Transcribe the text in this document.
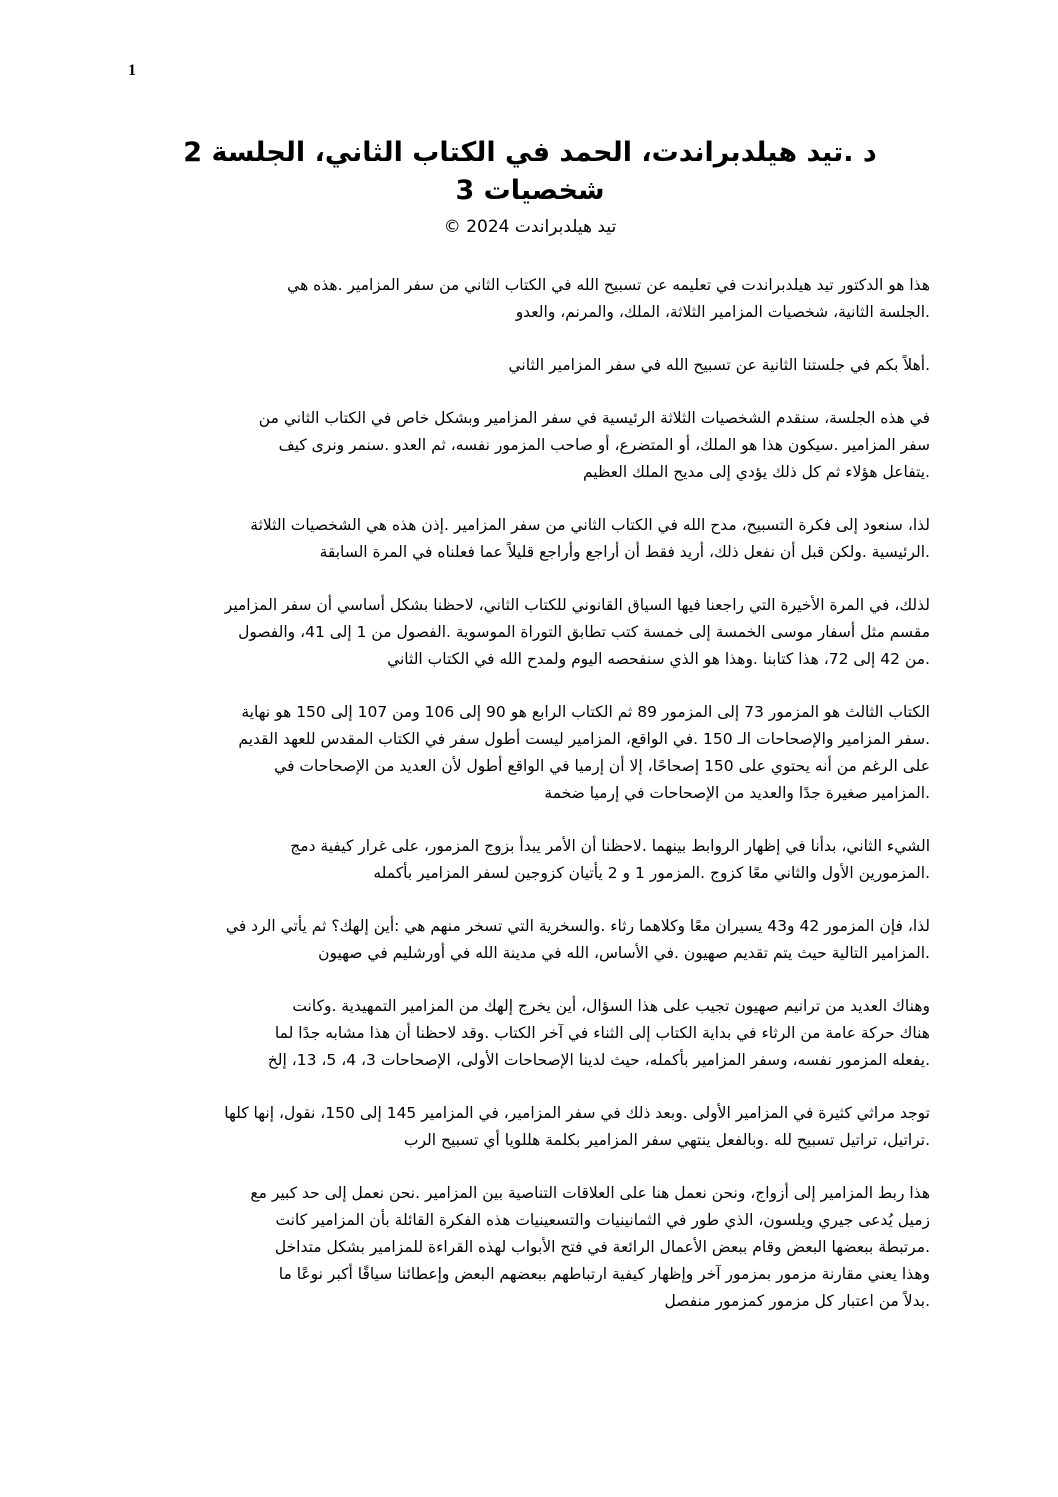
1
د .تيد هيلدبراندت، الحمد في الكتاب الثاني، الجلسة 2
شخصيات 3
تيد هيلدبراندت 2024 ©
هذا هو الدكتور تيد هيلدبراندت في تعليمه عن تسبيح الله في الكتاب الثاني من سفر المزامير .هذه هي
.الجلسة الثانية، شخصيات المزامير الثلاثة، الملك، والمرنم، والعدو
.أهلاً بكم في جلستنا الثانية عن تسبيح الله في سفر المزامير الثاني
في هذه الجلسة، سنقدم الشخصيات الثلاثة الرئيسية في سفر المزامير وبشكل خاص في الكتاب الثاني من
سفر المزامير .سيكون هذا هو الملك، أو المتضرع، أو صاحب المزمور نفسه، ثم العدو .سنمر ونرى كيف
.يتفاعل هؤلاء ثم كل ذلك يؤدي إلى مديح الملك العظيم
لذا، سنعود إلى فكرة التسبيح، مدح الله في الكتاب الثاني من سفر المزامير .إذن هذه هي الشخصيات الثلاثة
.الرئيسية .ولكن قبل أن نفعل ذلك، أريد فقط أن أراجع وأراجع قليلاً عما فعلناه في المرة السابقة
لذلك، في المرة الأخيرة التي راجعنا فيها السياق القانوني للكتاب الثاني، لاحظنا بشكل أساسي أن سفر المزامير
مقسم مثل أسفار موسى الخمسة إلى خمسة كتب تطابق التوراة الموسوية .الفصول من 1 إلى 41، والفصول
.من 42 إلى 72، هذا كتابنا .وهذا هو الذي سنفحصه اليوم ولمدح الله في الكتاب الثاني
الكتاب الثالث هو المزمور 73 إلى المزمور 89 ثم الكتاب الرابع هو 90 إلى 106 ومن 107 إلى 150 هو نهاية
.سفر المزامير والإصحاحات الـ 150 .في الواقع، المزامير ليست أطول سفر في الكتاب المقدس للعهد القديم
على الرغم من أنه يحتوي على 150 إصحاحًا، إلا أن إرميا في الواقع أطول لأن العديد من الإصحاحات في
.المزامير صغيرة جدًا والعديد من الإصحاحات في إرميا ضخمة
الشيء الثاني، بدأنا في إظهار الروابط بينهما .لاحظنا أن الأمر يبدأ بزوج المزمور، على غرار كيفية دمج
.المزمورين الأول والثاني معًا كزوج .المزمور 1 و 2 يأتيان كزوجين لسفر المزامير بأكمله
لذا، فإن المزمور 42 و43 يسيران معًا وكلاهما رثاء .والسخرية التي تسخر منهم هي :أين إلهك؟ ثم يأتي الرد في
.المزامير التالية حيث يتم تقديم صهيون .في الأساس، الله في مدينة الله في أورشليم في صهيون
وهناك العديد من ترانيم صهيون تجيب على هذا السؤال، أين يخرج إلهك من المزامير التمهيدية .وكانت
هناك حركة عامة من الرثاء في بداية الكتاب إلى الثناء في آخر الكتاب .وقد لاحظنا أن هذا مشابه جدًا لما
.يفعله المزمور نفسه، وسفر المزامير بأكمله، حيث لدينا الإصحاحات الأولى، الإصحاحات 3، 4، 5، 13، إلخ
توجد مراثي كثيرة في المزامير الأولى .وبعد ذلك في سفر المزامير، في المزامير 145 إلى 150، نقول، إنها كلها
.تراتيل، تراتيل تسبيح لله .وبالفعل ينتهي سفر المزامير بكلمة هللويا أي تسبيح الرب
هذا ربط المزامير إلى أزواج، ونحن نعمل هنا على العلاقات التناصية بين المزامير .نحن نعمل إلى حد كبير مع
زميل يُدعى جيري ويلسون، الذي طور في الثمانينيات والتسعينيات هذه الفكرة القائلة بأن المزامير كانت
.مرتبطة ببعضها البعض وقام ببعض الأعمال الرائعة في فتح الأبواب لهذه القراءة للمزامير بشكل متداخل
وهذا يعني مقارنة مزمور بمزمور آخر وإظهار كيفية ارتباطهم ببعضهم البعض وإعطائنا سياقًا أكبر نوعًا ما
.بدلاً من اعتبار كل مزمور كمزمور منفصل
